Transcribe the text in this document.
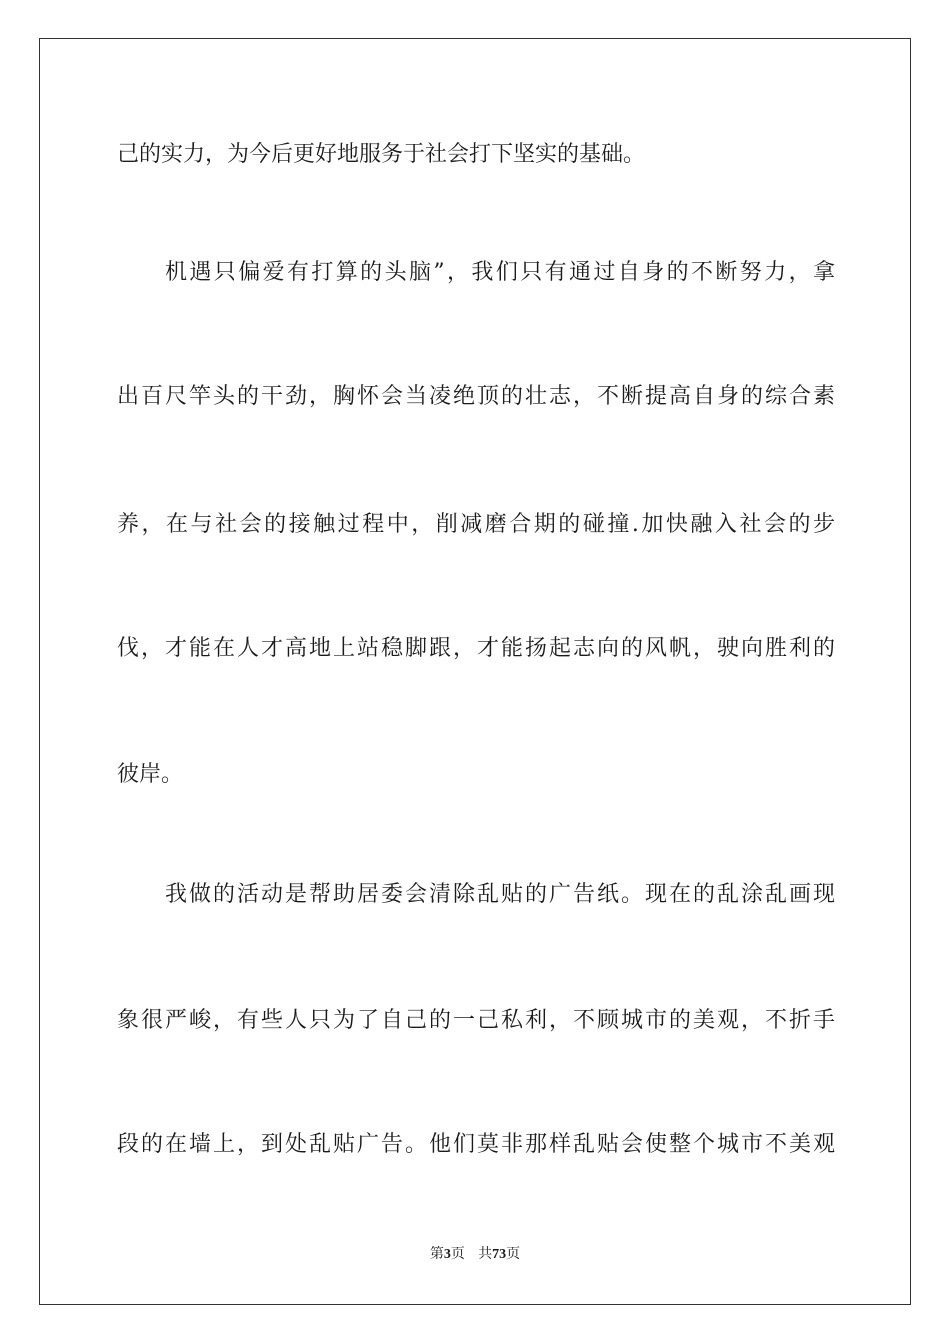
己的实力，为今后更好地服务于社会打下坚实的基础。
机遇只偏爱有打算的头脑”，我们只有通过自身的不断努力，拿
出百尺竿头的干劲，胸怀会当凌绝顶的壮志，不断提高自身的综合素
养，在与社会的接触过程中，削减磨合期的碰撞.加快融入社会的步
伐，才能在人才高地上站稳脚跟，才能扬起志向的风帆，驶向胜利的
彼岸。
我做的活动是帮助居委会清除乱贴的广告纸。现在的乱涂乱画现
象很严峻，有些人只为了自己的一己私利，不顾城市的美观，不折手
段的在墙上，到处乱贴广告。他们莫非那样乱贴会使整个城市不美观
第3页 共73页
